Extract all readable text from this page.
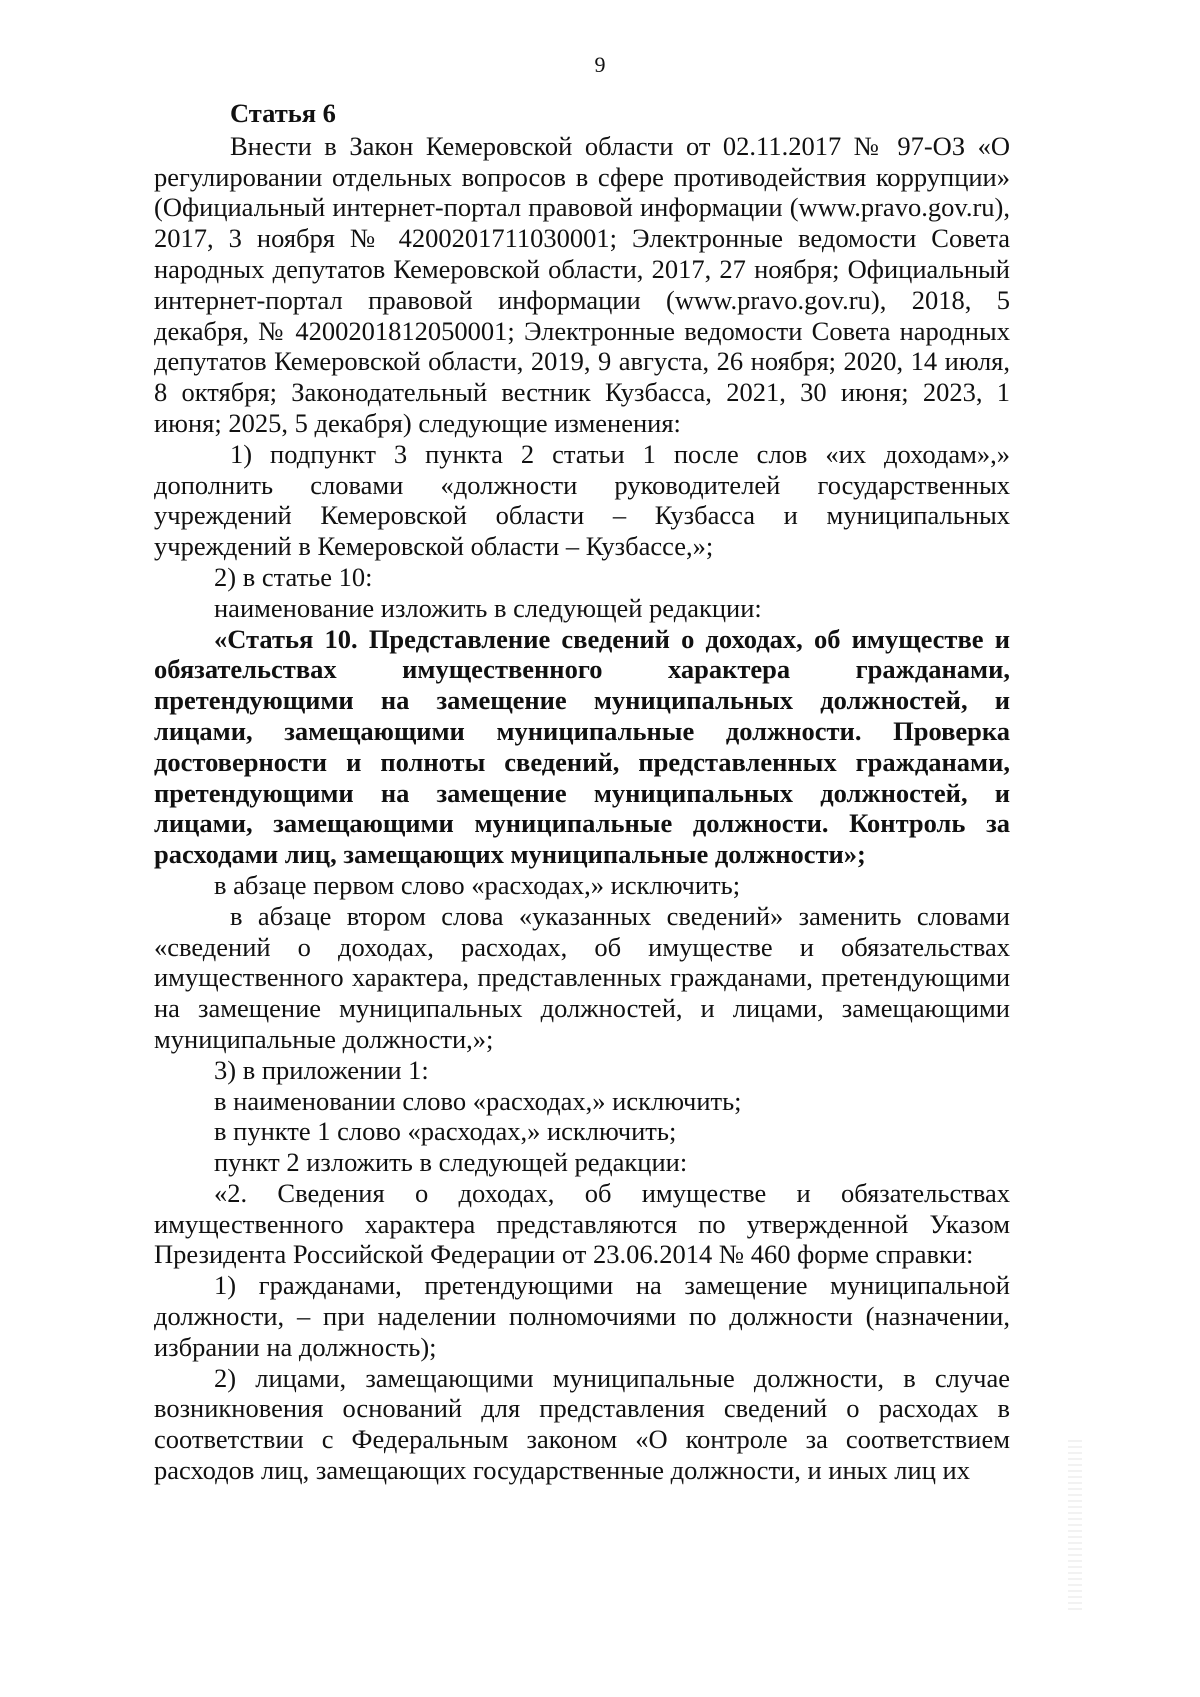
9

Статья 6

Внести в Закон Кемеровской области от 02.11.2017 № 97-ОЗ «О регулировании отдельных вопросов в сфере противодействия коррупции» (Официальный интернет-портал правовой информации (www.pravo.gov.ru), 2017, 3 ноября № 4200201711030001; Электронные ведомости Совета народных депутатов Кемеровской области, 2017, 27 ноября; Официальный интернет-портал правовой информации (www.pravo.gov.ru), 2018, 5 декабря, № 4200201812050001; Электронные ведомости Совета народных депутатов Кемеровской области, 2019, 9 августа, 26 ноября; 2020, 14 июля, 8 октября; Законодательный вестник Кузбасса, 2021, 30 июня; 2023, 1 июня; 2025, 5 декабря) следующие изменения:

1) подпункт 3 пункта 2 статьи 1 после слов «их доходам»,» дополнить словами «должности руководителей государственных учреждений Кемеровской области – Кузбасса и муниципальных учреждений в Кемеровской области – Кузбассе,»;

2) в статье 10:

наименование изложить в следующей редакции:

«Статья 10. Представление сведений о доходах, об имуществе и обязательствах имущественного характера гражданами, претендующими на замещение муниципальных должностей, и лицами, замещающими муниципальные должности. Проверка достоверности и полноты сведений, представленных гражданами, претендующими на замещение муниципальных должностей, и лицами, замещающими муниципальные должности. Контроль за расходами лиц, замещающих муниципальные должности»;

в абзаце первом слово «расходах,» исключить;

в абзаце втором слова «указанных сведений» заменить словами «сведений о доходах, расходах, об имуществе и обязательствах имущественного характера, представленных гражданами, претендующими на замещение муниципальных должностей, и лицами, замещающими муниципальные должности,»;

3) в приложении 1:

в наименовании слово «расходах,» исключить;

в пункте 1 слово «расходах,» исключить;

пункт 2 изложить в следующей редакции:

«2. Сведения о доходах, об имуществе и обязательствах имущественного характера представляются по утвержденной Указом Президента Российской Федерации от 23.06.2014 № 460 форме справки:

1) гражданами, претендующими на замещение муниципальной должности, – при наделении полномочиями по должности (назначении, избрании на должность);

2) лицами, замещающими муниципальные должности, в случае возникновения оснований для представления сведений о расходах в соответствии с Федеральным законом «О контроле за соответствием расходов лиц, замещающих государственные должности, и иных лиц их
